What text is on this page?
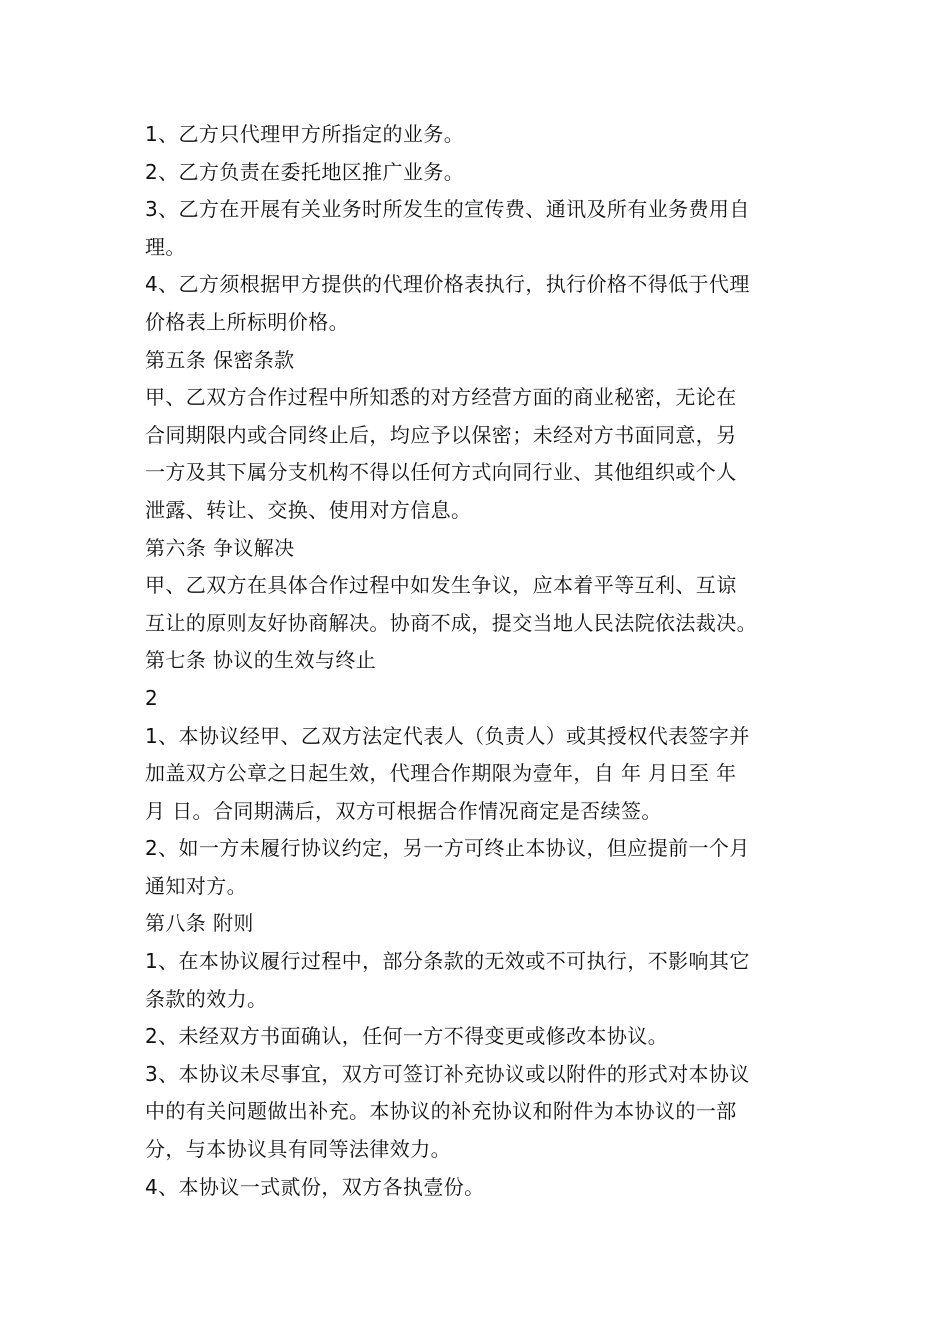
1、乙方只代理甲方所指定的业务。
2、乙方负责在委托地区推广业务。
3、乙方在开展有关业务时所发生的宣传费、通讯及所有业务费用自
理。
4、乙方须根据甲方提供的代理价格表执行，执行价格不得低于代理
价格表上所标明价格。
第五条 保密条款
甲、乙双方合作过程中所知悉的对方经营方面的商业秘密，无论在
合同期限内或合同终止后，均应予以保密；未经对方书面同意，另
一方及其下属分支机构不得以任何方式向同行业、其他组织或个人
泄露、转让、交换、使用对方信息。
第六条 争议解决
甲、乙双方在具体合作过程中如发生争议，应本着平等互利、互谅
互让的原则友好协商解决。协商不成，提交当地人民法院依法裁决。
第七条 协议的生效与终止
2
1、本协议经甲、乙双方法定代表人（负责人）或其授权代表签字并
加盖双方公章之日起生效，代理合作期限为壹年，自 年 月日至 年
月 日。合同期满后，双方可根据合作情况商定是否续签。
2、如一方未履行协议约定，另一方可终止本协议，但应提前一个月
通知对方。
第八条 附则
1、在本协议履行过程中，部分条款的无效或不可执行，不影响其它
条款的效力。
2、未经双方书面确认，任何一方不得变更或修改本协议。
3、本协议未尽事宜，双方可签订补充协议或以附件的形式对本协议
中的有关问题做出补充。本协议的补充协议和附件为本协议的一部
分，与本协议具有同等法律效力。
4、本协议一式贰份，双方各执壹份。
